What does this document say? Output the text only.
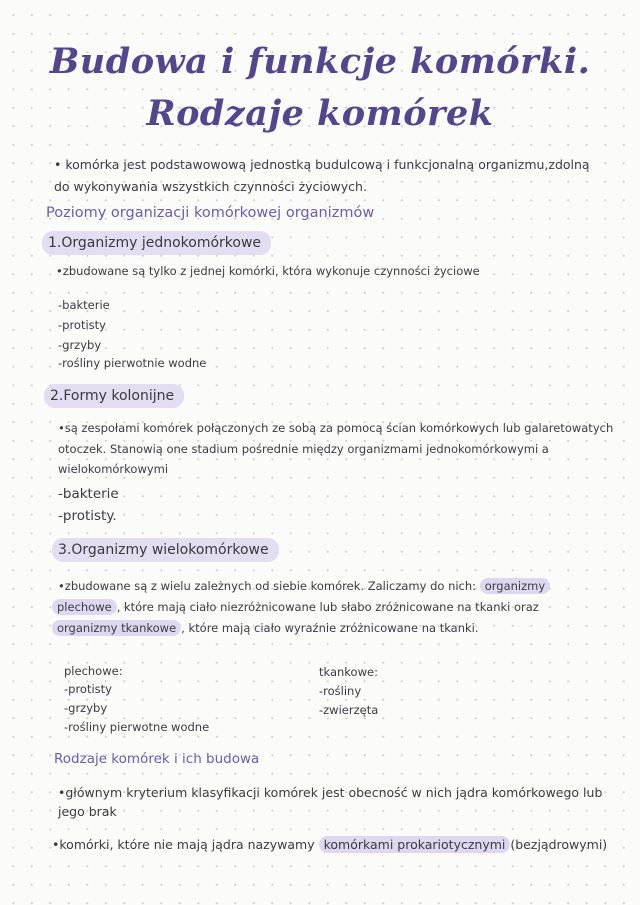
Budowa i funkcje komórki.
Rodzaje komórek
• komórka jest podstawowową jednostką budulcową i funkcjonalną organizmu,zdolną
do wykonywania wszystkich czynności życiowych.
Poziomy organizacji komórkowej organizmów
1.Organizmy jednokomórkowe
•zbudowane są tylko z jednej komórki, która wykonuje czynności życiowe
-bakterie
-protisty
-grzyby
-rośliny pierwotnie wodne
2.Formy kolonijne
•są zespołami komórek połączonych ze sobą za pomocą ścian komórkowych lub galaretowatych
otoczek. Stanowią one stadium pośrednie między organizmami jednokomórkowymi a
wielokomórkowymi
-bakterie
-protisty.
3.Organizmy wielokomórkowe
•zbudowane są z wielu zależnych od siebie komórek. Zaliczamy do nich: organizmy
plechowe , które mają ciało niezróżnicowane lub słabo zróżnicowane na tkanki oraz
organizmy tkankowe , które mają ciało wyraźnie zróżnicowane na tkanki.
plechowe:
-protisty
-grzyby
-rośliny pierwotne wodne
tkankowe:
-rośliny
-zwierzęta
Rodzaje komórek i ich budowa
•głównym kryterium klasyfikacji komórek jest obecność w nich jądra komórkowego lub
jego brak
•komórki, które nie mają jądra nazywamy komórkami prokariotycznymi (bezjądrowymi)
